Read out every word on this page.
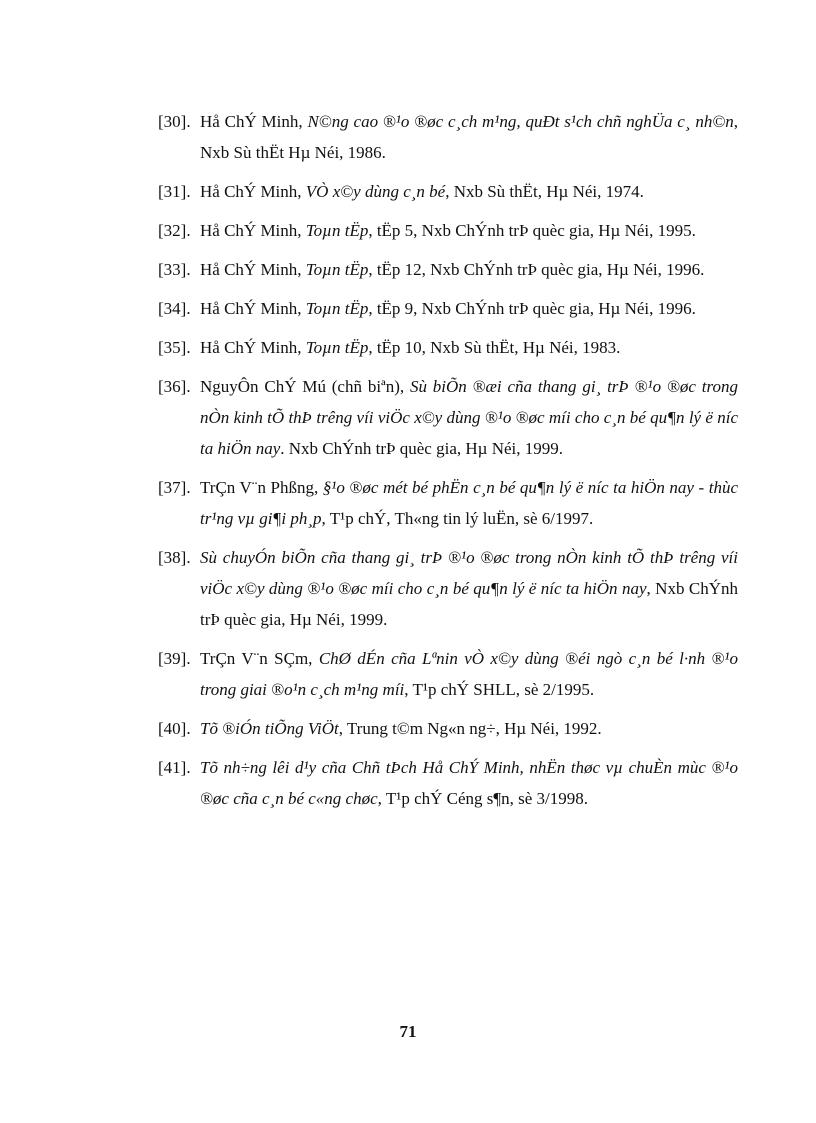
[30]. Hå ChÝ Minh, N©ng cao ®¹o ®øc c¸ch m¹ng, quÐt s¹ch chñ nghÜa c¸ nh©n, Nxb Sù thËt Hµ Néi, 1986.
[31]. Hå ChÝ Minh, VÒ x©y dùng c¸n bé, Nxb Sù thËt, Hµ Néi, 1974.
[32]. Hå ChÝ Minh, Toµn tËp, tËp 5, Nxb ChÝnh trÞ quèc gia, Hµ Néi, 1995.
[33]. Hå ChÝ Minh, Toµn tËp, tËp 12, Nxb ChÝnh trÞ quèc gia, Hµ Néi, 1996.
[34]. Hå ChÝ Minh, Toµn tËp, tËp 9, Nxb ChÝnh trÞ quèc gia, Hµ Néi, 1996.
[35]. Hå ChÝ Minh, Toµn tËp, tËp 10, Nxb Sù thËt, Hµ Néi, 1983.
[36]. NguyÔn ChÝ Mú (chñ biªn), Sù biÕn ®æi cña thang gi¸ trÞ ®¹o ®øc trong nÒn kinh tÕ thÞ trêng víi viÖc x©y dùng ®¹o ®øc míi cho c¸n bé qu¶n lý ë níc ta hiÖn nay. Nxb ChÝnh trÞ quèc gia, Hµ Néi, 1999.
[37]. TrÇn V¨n Phßng, §¹o ®øc mét bé phËn c¸n bé qu¶n lý ë níc ta hiÖn nay - thùc tr¹ng vµ gi¶i ph¸p, T¹p chÝ, Th«ng tin lý luËn, sè 6/1997.
[38]. Sù chuyÓn biÕn cña thang gi¸ trÞ ®¹o ®øc trong nÒn kinh tÕ thÞ trêng víi viÖc x©y dùng ®¹o ®øc míi cho c¸n bé qu¶n lý ë níc ta hiÖn nay, Nxb ChÝnh trÞ quèc gia, Hµ Néi, 1999.
[39]. TrÇn V¨n SÇm, ChØ dÉn cña Lªnin vÒ x©y dùng ®éi ngò c¸n bé l·nh ®¹o trong giai ®o¹n c¸ch m¹ng míi, T¹p chÝ SHLL, sè 2/1995.
[40]. Tõ ®iÓn tiÕng ViÖt, Trung t©m Ng«n ng÷, Hµ Néi, 1992.
[41]. Tõ nh÷ng lêi d¹y cña Chñ tÞch Hå ChÝ Minh, nhËn thøc vµ chuÈn mùc ®¹o ®øc cña c¸n bé c«ng chøc, T¹p chÝ Céng s¶n, sè 3/1998.
71
